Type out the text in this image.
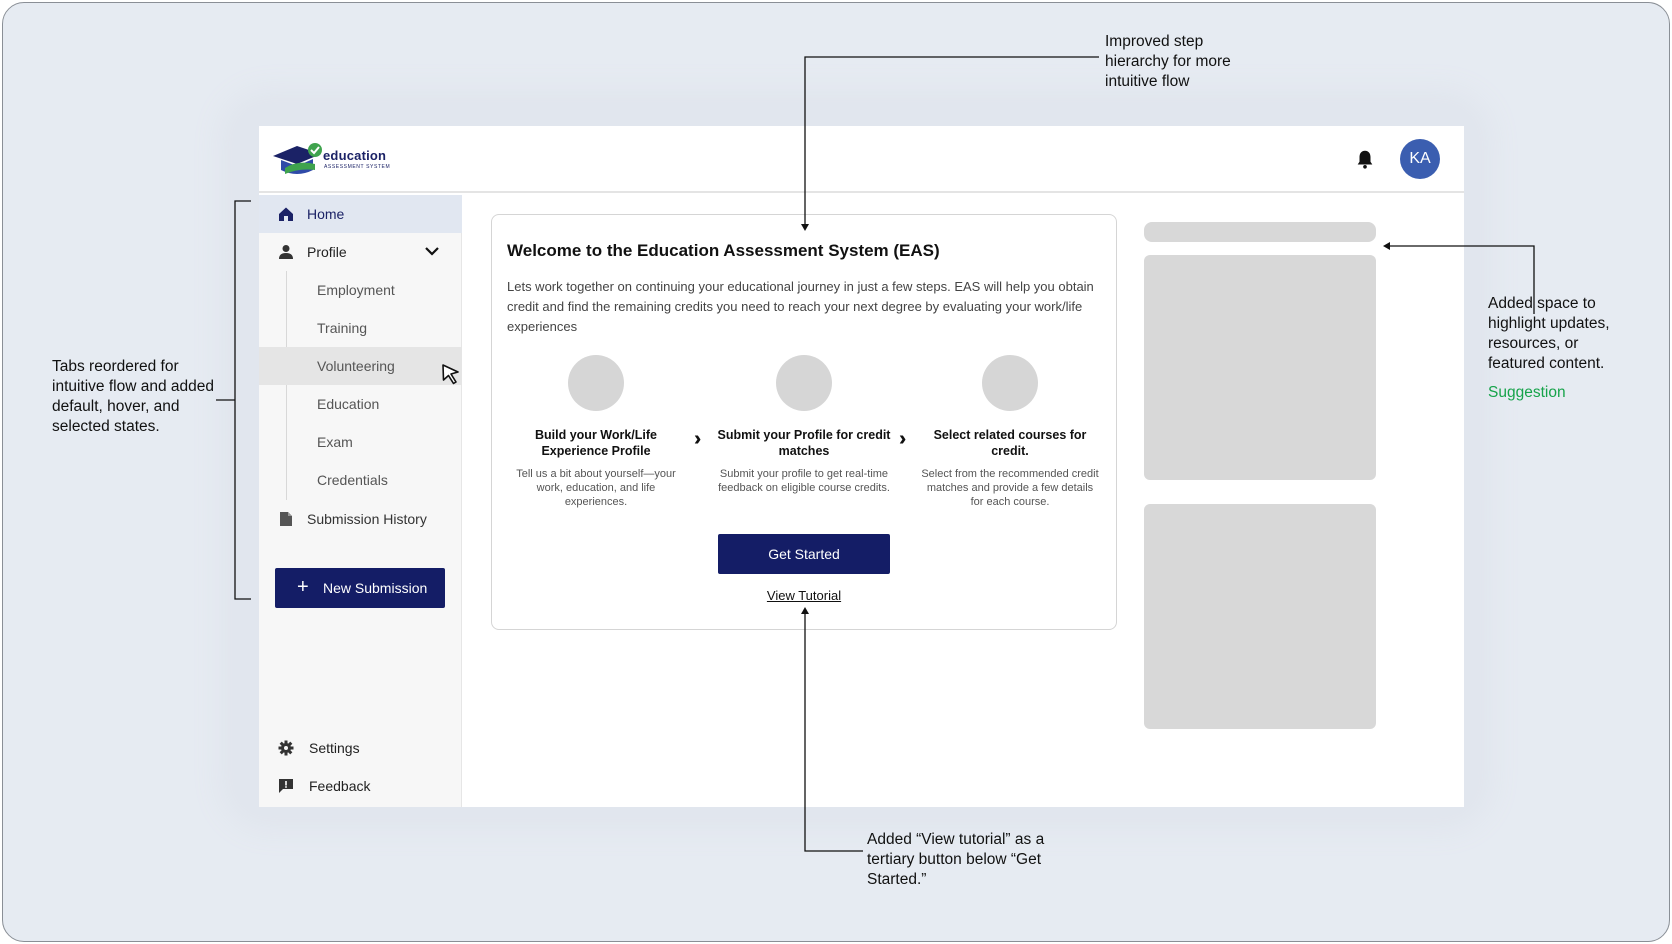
education
ASSESSMENT SYSTEM	KA
Home
Profile
Employment
Training
Volunteering
Education
Exam
Credentials
Submission History
+ New Submission
Settings
Feedback
Welcome to the Education Assessment System (EAS)
Lets work together on continuing your educational journey in just a few steps. EAS will help you obtain credit and find the remaining credits you need to reach your next degree by evaluating your work/life experiences
Build your Work/Life Experience Profile
Tell us a bit about yourself—your work, education, and life experiences.
›› Submit your Profile for credit matches
Submit your profile to get real-time feedback on eligible course credits.
››	Select related courses for credit.
Select from the recommended credit matches and provide a few details for each course.
Get Started
View Tutorial
Tabs reordered for intuitive flow and added default, hover, and selected states.
Improved step hierarchy for more intuitive flow
Added space to highlight updates, resources, or featured content.
Suggestion
Added “View tutorial” as a tertiary button below “Get Started.”
